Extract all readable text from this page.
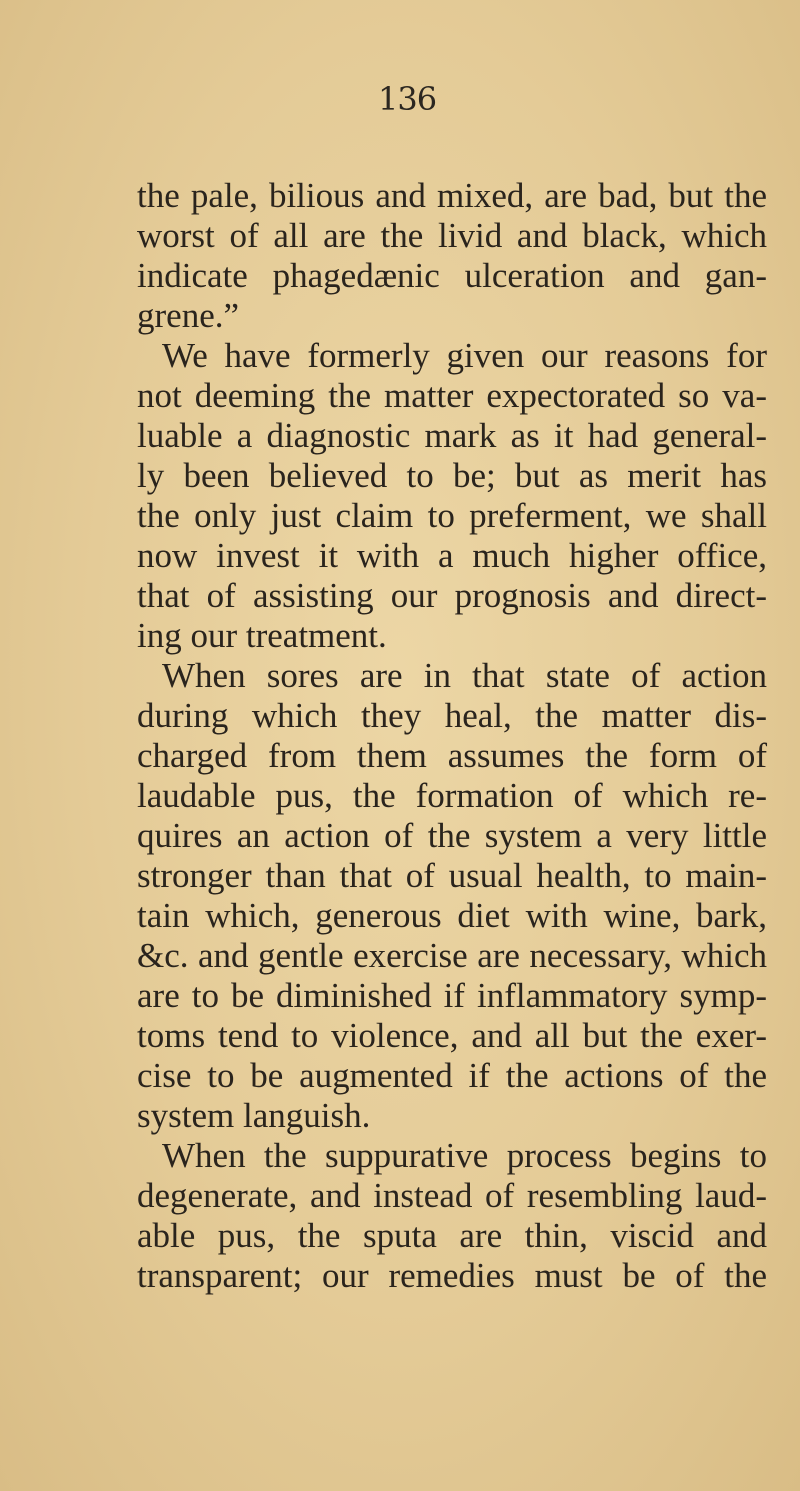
136
the pale, bilious and mixed, are bad, but the
worst of all are the livid and black, which
indicate phagedænic ulceration and gan-
grene.”
We have formerly given our reasons for
not deeming the matter expectorated so va-
luable a diagnostic mark as it had general-
ly been believed to be; but as merit has
the only just claim to preferment, we shall
now invest it with a much higher office,
that of assisting our prognosis and direct-
ing our treatment.
When sores are in that state of action
during which they heal, the matter dis-
charged from them assumes the form of
laudable pus, the formation of which re-
quires an action of the system a very little
stronger than that of usual health, to main-
tain which, generous diet with wine, bark,
&c. and gentle exercise are necessary, which
are to be diminished if inflammatory symp-
toms tend to violence, and all but the exer-
cise to be augmented if the actions of the
system languish.
When the suppurative process begins to
degenerate, and instead of resembling laud-
able pus, the sputa are thin, viscid and
transparent; our remedies must be of the
